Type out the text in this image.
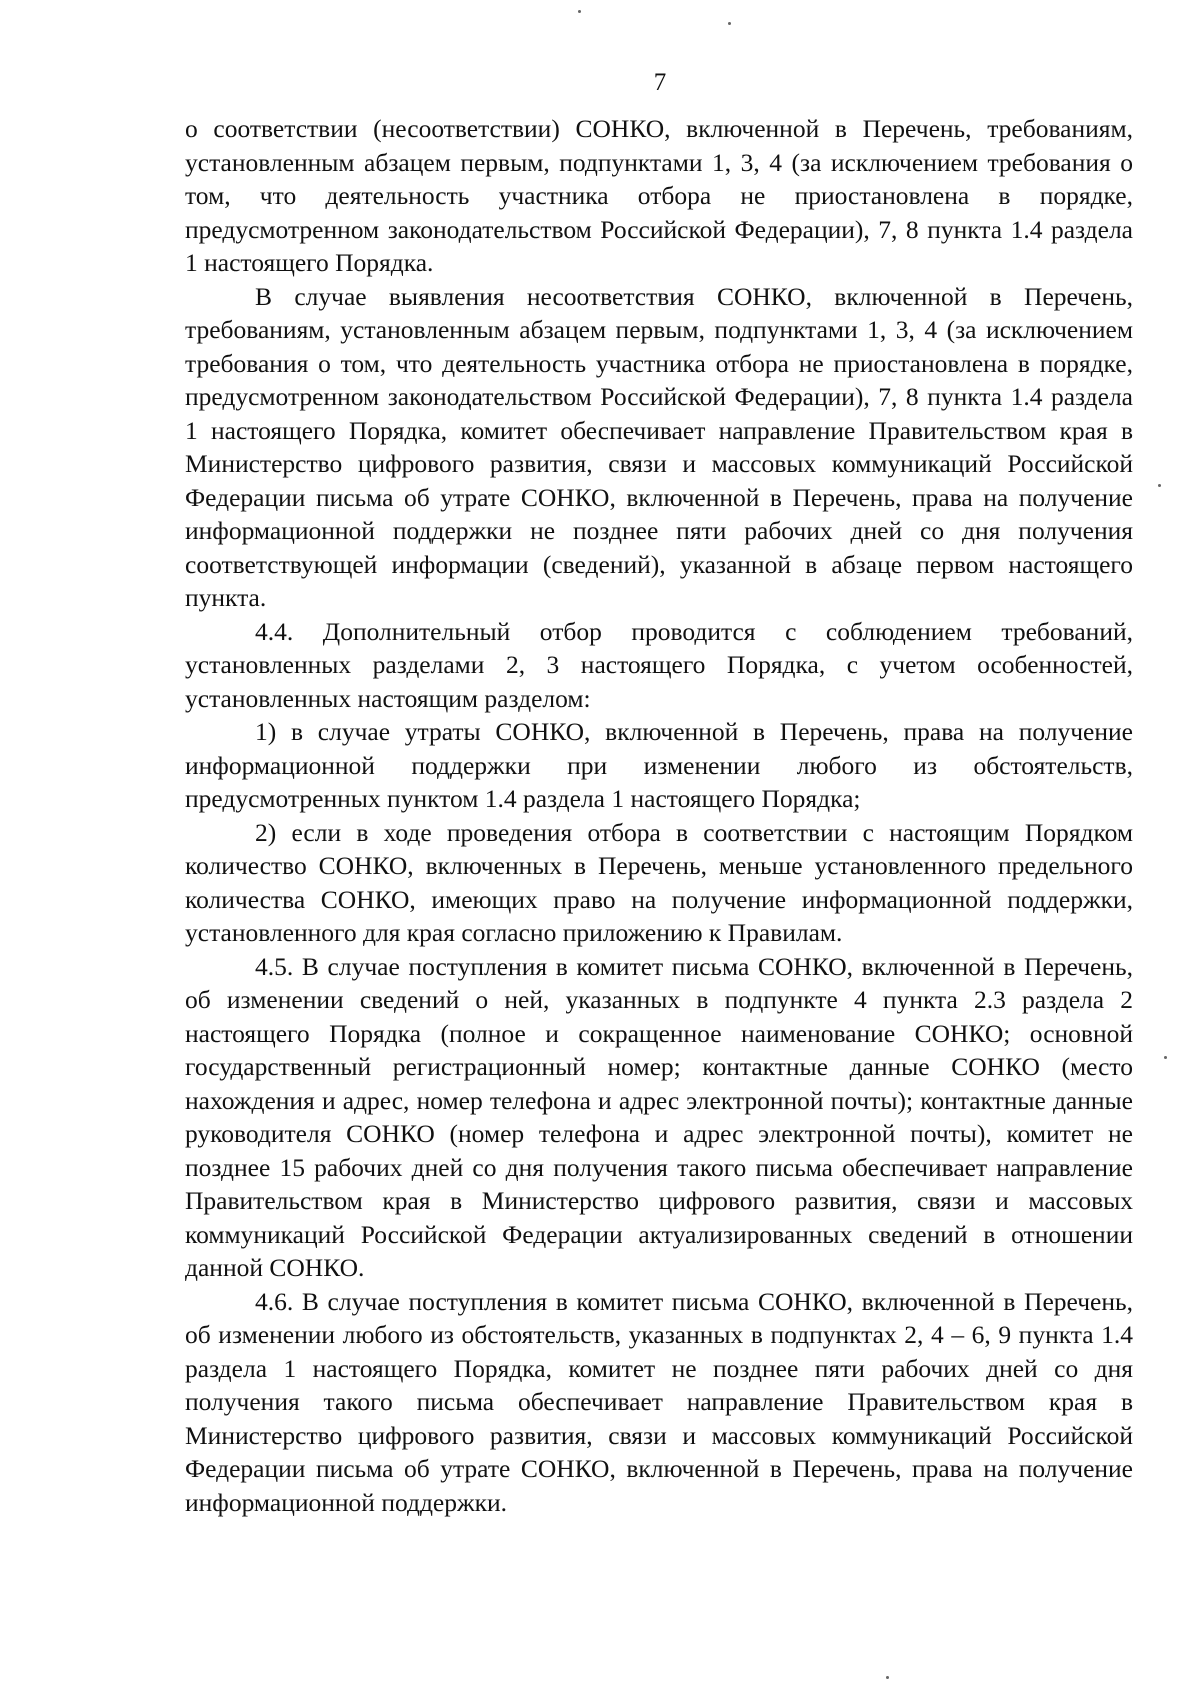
7

о соответствии (несоответствии) СОНКО, включенной в Перечень, требованиям, установленным абзацем первым, подпунктами 1, 3, 4 (за исключением требования о том, что деятельность участника отбора не приостановлена в порядке, предусмотренном законодательством Российской Федерации), 7, 8 пункта 1.4 раздела 1 настоящего Порядка.

В случае выявления несоответствия СОНКО, включенной в Перечень, требованиям, установленным абзацем первым, подпунктами 1, 3, 4 (за исключением требования о том, что деятельность участника отбора не приостановлена в порядке, предусмотренном законодательством Российской Федерации), 7, 8 пункта 1.4 раздела 1 настоящего Порядка, комитет обеспечивает направление Правительством края в Министерство цифрового развития, связи и массовых коммуникаций Российской Федерации письма об утрате СОНКО, включенной в Перечень, права на получение информационной поддержки не позднее пяти рабочих дней со дня получения соответствующей информации (сведений), указанной в абзаце первом настоящего пункта.

4.4. Дополнительный отбор проводится с соблюдением требований, установленных разделами 2, 3 настоящего Порядка, с учетом особенностей, установленных настоящим разделом:

1) в случае утраты СОНКО, включенной в Перечень, права на получение информационной поддержки при изменении любого из обстоятельств, предусмотренных пунктом 1.4 раздела 1 настоящего Порядка;

2) если в ходе проведения отбора в соответствии с настоящим Порядком количество СОНКО, включенных в Перечень, меньше установленного предельного количества СОНКО, имеющих право на получение информационной поддержки, установленного для края согласно приложению к Правилам.

4.5. В случае поступления в комитет письма СОНКО, включенной в Перечень, об изменении сведений о ней, указанных в подпункте 4 пункта 2.3 раздела 2 настоящего Порядка (полное и сокращенное наименование СОНКО; основной государственный регистрационный номер; контактные данные СОНКО (место нахождения и адрес, номер телефона и адрес электронной почты); контактные данные руководителя СОНКО (номер телефона и адрес электронной почты), комитет не позднее 15 рабочих дней со дня получения такого письма обеспечивает направление Правительством края в Министерство цифрового развития, связи и массовых коммуникаций Российской Федерации актуализированных сведений в отношении данной СОНКО.

4.6. В случае поступления в комитет письма СОНКО, включенной в Перечень, об изменении любого из обстоятельств, указанных в подпунктах 2, 4 – 6, 9 пункта 1.4 раздела 1 настоящего Порядка, комитет не позднее пяти рабочих дней со дня получения такого письма обеспечивает направление Правительством края в Министерство цифрового развития, связи и массовых коммуникаций Российской Федерации письма об утрате СОНКО, включенной в Перечень, права на получение информационной поддержки.
